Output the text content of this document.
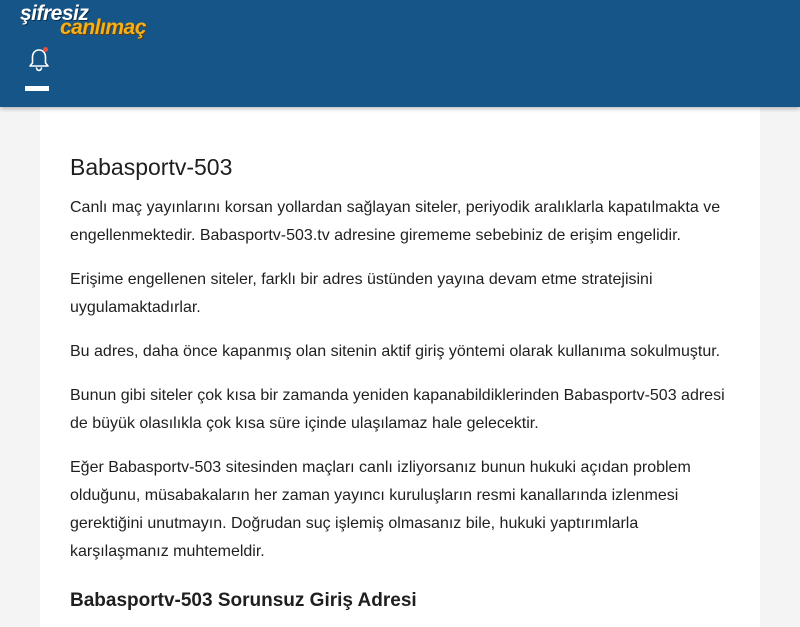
şifresiz
canlımaç
Babasportv-503

Canlı maç yayınlarını korsan yollardan sağlayan siteler, periyodik aralıklarla kapatılmakta ve engellenmektedir. Babasportv-503.tv adresine girememe sebebiniz de erişim engelidir.

Erişime engellenen siteler, farklı bir adres üstünden yayına devam etme stratejisini uygulamaktadırlar.

Bu adres, daha önce kapanmış olan sitenin aktif giriş yöntemi olarak kullanıma sokulmuştur.

Bunun gibi siteler çok kısa bir zamanda yeniden kapanabildiklerinden Babasportv-503 adresi de büyük olasılıkla çok kısa süre içinde ulaşılamaz hale gelecektir.

Eğer Babasportv-503 sitesinden maçları canlı izliyorsanız bunun hukuki açıdan problem olduğunu, müsabakaların her zaman yayıncı kuruluşların resmi kanallarında izlenmesi gerektiğini unutmayın. Doğrudan suç işlemiş olmasanız bile, hukuki yaptırımlarla karşılaşmanız muhtemeldir.

Babasportv-503 Sorunsuz Giriş Adresi
